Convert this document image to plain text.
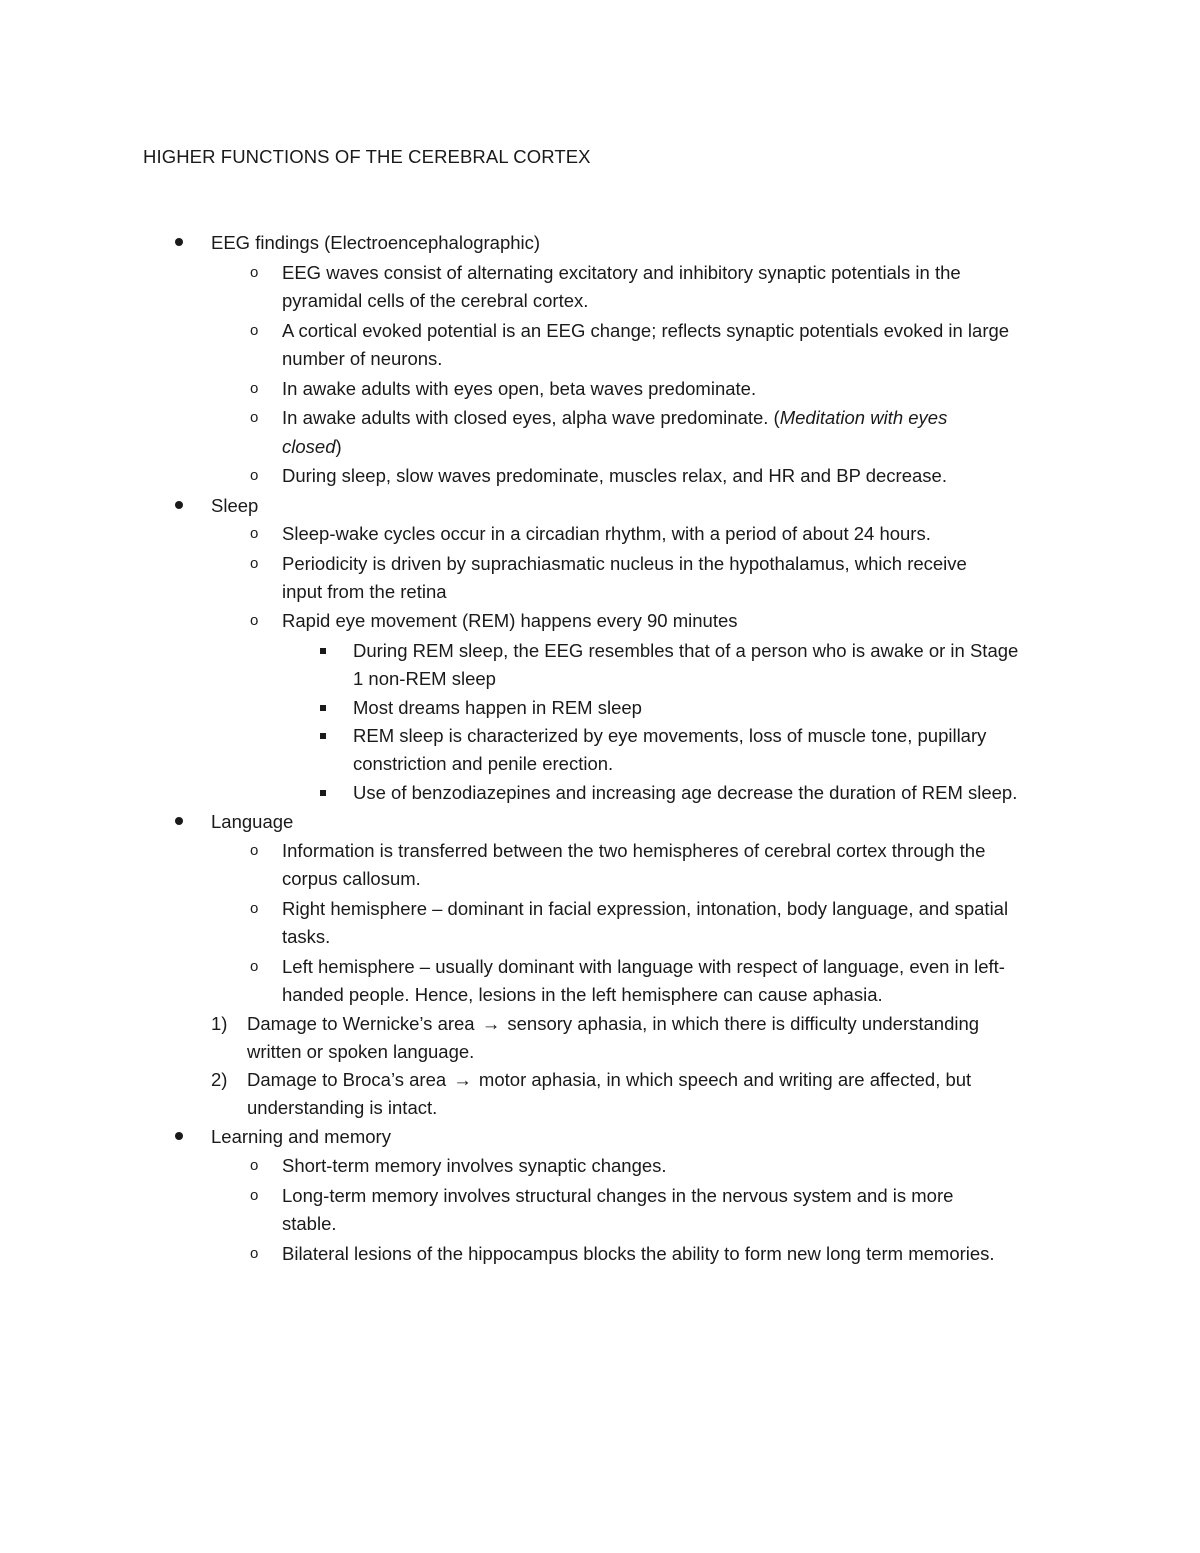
HIGHER FUNCTIONS OF THE CEREBRAL CORTEX
EEG findings (Electroencephalographic)
o EEG waves consist of alternating excitatory and inhibitory synaptic potentials in the
pyramidal cells of the cerebral cortex.
o A cortical evoked potential is an EEG change; reflects synaptic potentials evoked in large
number of neurons.
o In awake adults with eyes open, beta waves predominate.
o In awake adults with closed eyes, alpha wave predominate. (Meditation with eyes
closed)
o During sleep, slow waves predominate, muscles relax, and HR and BP decrease.
Sleep
o Sleep-wake cycles occur in a circadian rhythm, with a period of about 24 hours.
o Periodicity is driven by suprachiasmatic nucleus in the hypothalamus, which receive
input from the retina
o Rapid eye movement (REM) happens every 90 minutes
During REM sleep, the EEG resembles that of a person who is awake or in Stage
1 non-REM sleep
Most dreams happen in REM sleep
REM sleep is characterized by eye movements, loss of muscle tone, pupillary
constriction and penile erection.
Use of benzodiazepines and increasing age decrease the duration of REM sleep.
Language
o Information is transferred between the two hemispheres of cerebral cortex through the
corpus callosum.
o Right hemisphere – dominant in facial expression, intonation, body language, and spatial
tasks.
o Left hemisphere – usually dominant with language with respect of language, even in left-
handed people. Hence, lesions in the left hemisphere can cause aphasia.
1) Damage to Wernicke’s area → sensory aphasia, in which there is difficulty understanding
written or spoken language.
2) Damage to Broca’s area → motor aphasia, in which speech and writing are affected, but
understanding is intact.
Learning and memory
o Short-term memory involves synaptic changes.
o Long-term memory involves structural changes in the nervous system and is more
stable.
o Bilateral lesions of the hippocampus blocks the ability to form new long term memories.
